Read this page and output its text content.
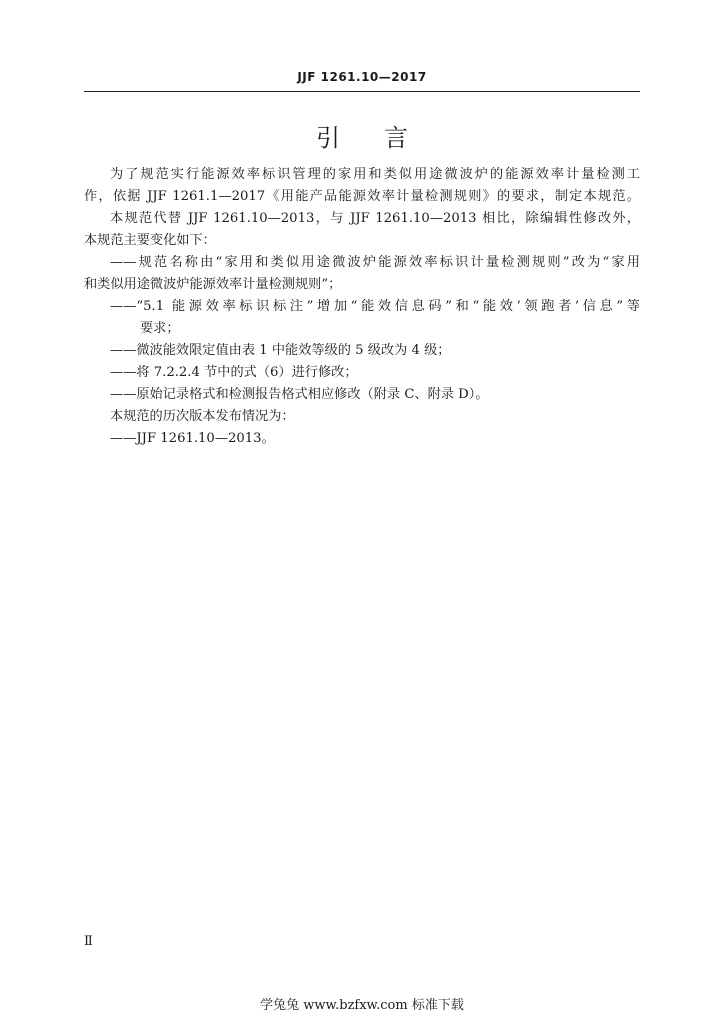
JJF 1261.10—2017
引言
为了规范实行能源效率标识管理的家用和类似用途微波炉的能源效率计量检测工
作，依据 JJF 1261.1—2017《用能产品能源效率计量检测规则》的要求，制定本规范。
本规范代替 JJF 1261.10—2013，与 JJF 1261.10—2013 相比，除编辑性修改外，
本规范主要变化如下：
——规范名称由“家用和类似用途微波炉能源效率标识计量检测规则”改为“家用
和类似用途微波炉能源效率计量检测规则”；
——“5.1 能源效率标识标注”增加“能效信息码”和“能效‘领跑者’信息”等
要求；
——微波能效限定值由表 1 中能效等级的 5 级改为 4 级；
——将 7.2.2.4 节中的式（6）进行修改；
——原始记录格式和检测报告格式相应修改（附录 C、附录 D）。
本规范的历次版本发布情况为：
——JJF 1261.10—2013。
Ⅱ
学兔兔 www.bzfxw.com 标准下载
